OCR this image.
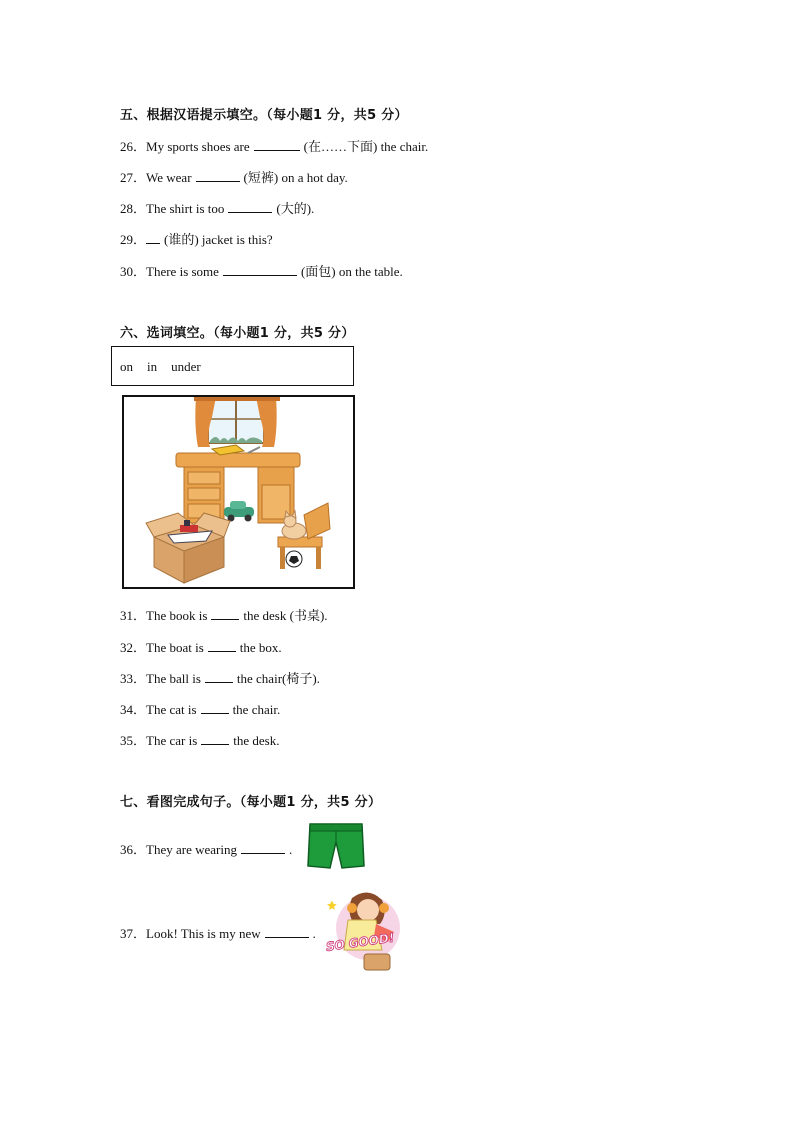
五、根据汉语提示填空。（每小题1 分，共5 分）
26．My sports shoes are	(在……下面) the chair.
27．We wear	(短裤) on a hot day.
28．The shirt is too	(大的).
29． (谁的) jacket is this?
30．There is some	(面包) on the table.
六、选词填空。（每小题1 分，共5 分）
on in under
31．The book is	the desk (书桌).
32．The boat is	the box.
33．The ball is	the chair(椅子).
34．The cat is	the chair.
35．The car is	the desk.
七、看图完成句子。（每小题1 分，共5 分）
36．They are wearing	.
37．Look! This is my new	. SO GOOD!
